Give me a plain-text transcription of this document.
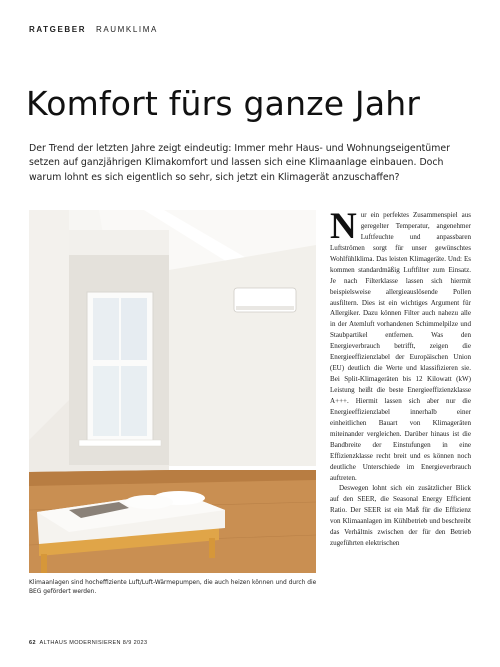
RATGEBER RAUMKLIMA
Komfort fürs ganze Jahr

Der Trend der letzten Jahre zeigt eindeutig: Immer mehr Haus- und Wohnungseigentümer setzen auf ganzjährigen Klimakomfort und lassen sich eine Klimaanlage einbauen. Doch warum lohnt es sich eigentlich so sehr, sich jetzt ein Klimagerät anzuschaffen?

Klimaanlagen sind hocheffiziente Luft/Luft-Wärmepumpen, die auch heizen können und durch die BEG gefördert werden.

62 ALTHAUS MODERNISIEREN 8/9 2023

Nur ein perfektes Zusammenspiel aus geregelter Temperatur, angenehmer Luftfeuchte und anpassbaren Luftströmen sorgt für unser gewünschtes Wohlfühlklima. Das leisten Klimageräte. Und: Es kommen standardmäßig Luftfilter zum Einsatz. Je nach Filterklasse lassen sich hiermit beispielsweise allergieauslösende Pollen ausfiltern. Dies ist ein wichtiges Argument für Allergiker. Dazu können Filter auch nahezu alle in der Atemluft vorhandenen Schimmelpilze und Staubpartikel entfernen. Was den Energieverbrauch betrifft, zeigen die Energieeffizienzlabel der Europäischen Union (EU) deutlich die Werte und klassifizieren sie. Bei Split-Klimageräten bis 12 Kilowatt (kW) Leistung heißt die beste Energieeffizienzklasse A+++. Hiermit lassen sich aber nur die Energieeffizienzlabel innerhalb einer einheitlichen Bauart von Klimageräten miteinander vergleichen. Darüber hinaus ist die Bandbreite der Einstufungen in eine Effizienzklasse recht breit und es können noch deutliche Unterschiede im Energieverbrauch auftreten.

Deswegen lohnt sich ein zusätzlicher Blick auf den SEER, die Seasonal Energy Efficient Ratio. Der SEER ist ein Maß für die Effizienz von Klimaanlagen im Kühlbetrieb und beschreibt das Verhältnis zwischen der für den Betrieb zugeführten elektrischen
